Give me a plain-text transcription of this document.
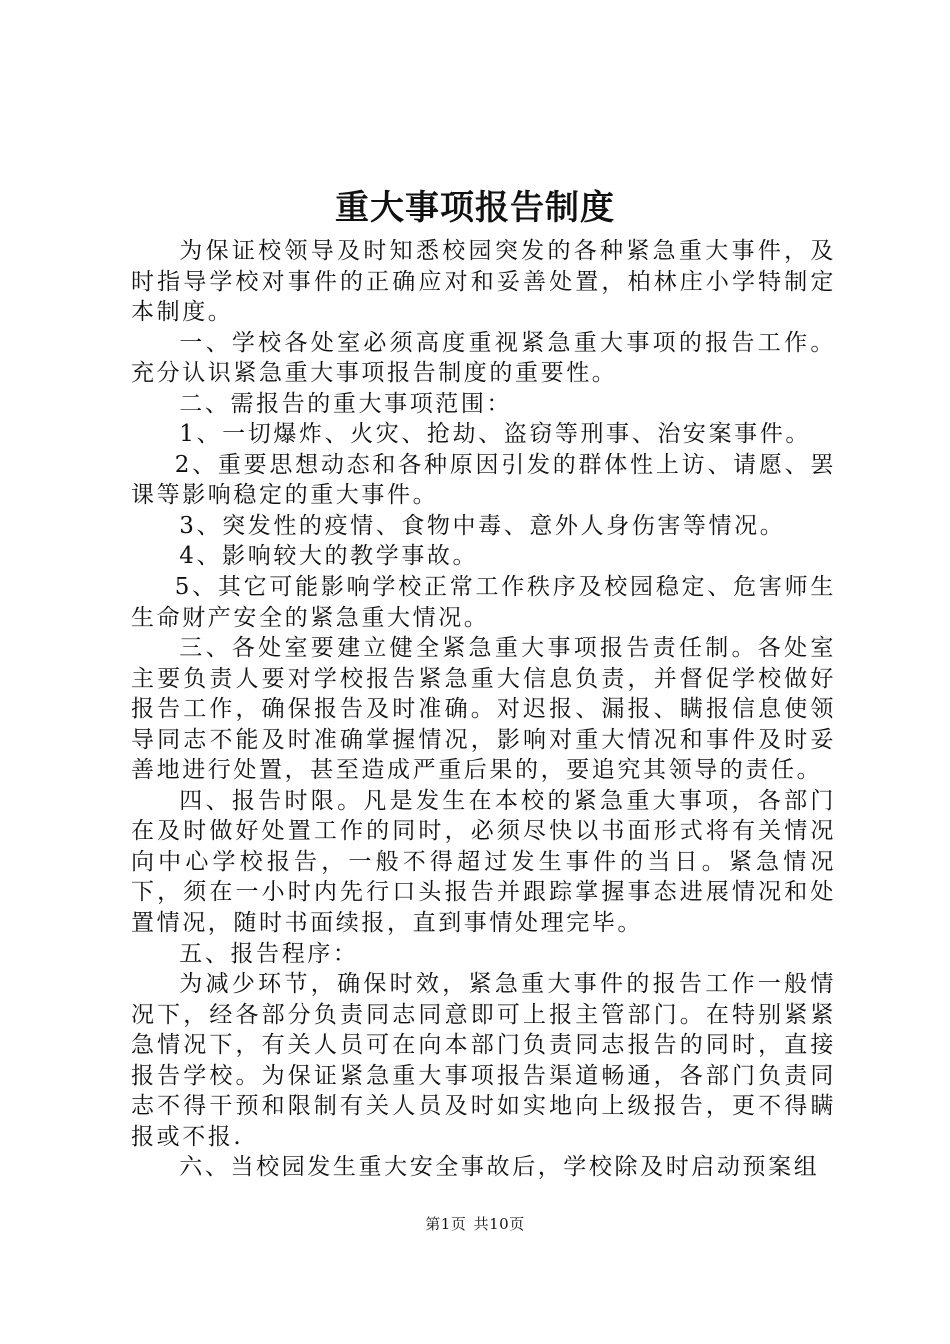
重大事项报告制度

为保证校领导及时知悉校园突发的各种紧急重大事件，及时指导学校对事件的正确应对和妥善处置，柏林庄小学特制定本制度。

一、学校各处室必须高度重视紧急重大事项的报告工作。充分认识紧急重大事项报告制度的重要性。

二、需报告的重大事项范围：

1、一切爆炸、火灾、抢劫、盗窃等刑事、治安案事件。

2、重要思想动态和各种原因引发的群体性上访、请愿、罢课等影响稳定的重大事件。

3、突发性的疫情、食物中毒、意外人身伤害等情况。

4、影响较大的教学事故。

5、其它可能影响学校正常工作秩序及校园稳定、危害师生生命财产安全的紧急重大情况。

三、各处室要建立健全紧急重大事项报告责任制。各处室主要负责人要对学校报告紧急重大信息负责，并督促学校做好报告工作，确保报告及时准确。对迟报、漏报、瞒报信息使领导同志不能及时准确掌握情况，影响对重大情况和事件及时妥善地进行处置，甚至造成严重后果的，要追究其领导的责任。

四、报告时限。凡是发生在本校的紧急重大事项，各部门在及时做好处置工作的同时，必须尽快以书面形式将有关情况向中心学校报告，一般不得超过发生事件的当日。紧急情况下，须在一小时内先行口头报告并跟踪掌握事态进展情况和处置情况，随时书面续报，直到事情处理完毕。

五、报告程序：

为减少环节，确保时效，紧急重大事件的报告工作一般情况下，经各部分负责同志同意即可上报主管部门。在特别紧紧急情况下，有关人员可在向本部门负责同志报告的同时，直接报告学校。为保证紧急重大事项报告渠道畅通，各部门负责同志不得干预和限制有关人员及时如实地向上级报告，更不得瞒报或不报.

六、当校园发生重大安全事故后，学校除及时启动预案组

第1页 共10页
